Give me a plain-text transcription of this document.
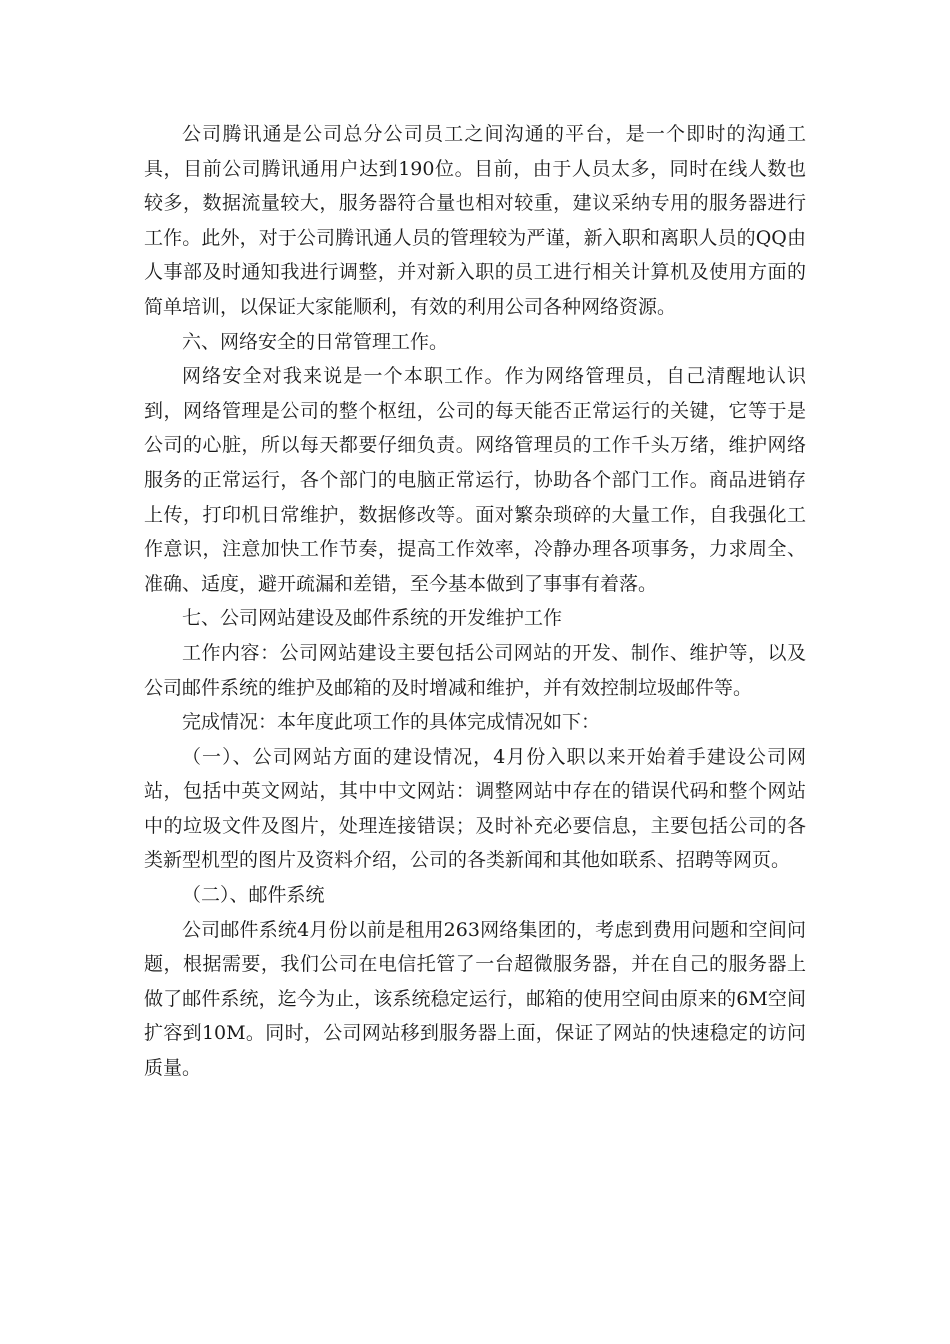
公司腾讯通是公司总分公司员工之间沟通的平台，是一个即时的沟通工具，目前公司腾讯通用户达到190位。目前，由于人员太多，同时在线人数也较多，数据流量较大，服务器符合量也相对较重，建议采纳专用的服务器进行工作。此外，对于公司腾讯通人员的管理较为严谨，新入职和离职人员的QQ由人事部及时通知我进行调整，并对新入职的员工进行相关计算机及使用方面的简单培训，以保证大家能顺利，有效的利用公司各种网络资源。

六、网络安全的日常管理工作。

网络安全对我来说是一个本职工作。作为网络管理员，自己清醒地认识到，网络管理是公司的整个枢纽，公司的每天能否正常运行的关键，它等于是公司的心脏，所以每天都要仔细负责。网络管理员的工作千头万绪，维护网络服务的正常运行，各个部门的电脑正常运行，协助各个部门工作。商品进销存上传，打印机日常维护，数据修改等。面对繁杂琐碎的大量工作，自我强化工作意识，注意加快工作节奏，提高工作效率，冷静办理各项事务，力求周全、准确、适度，避开疏漏和差错，至今基本做到了事事有着落。

七、公司网站建设及邮件系统的开发维护工作

工作内容：公司网站建设主要包括公司网站的开发、制作、维护等，以及公司邮件系统的维护及邮箱的及时增减和维护，并有效控制垃圾邮件等。

完成情况：本年度此项工作的具体完成情况如下：

（一）、公司网站方面的建设情况，4月份入职以来开始着手建设公司网站，包括中英文网站，其中中文网站：调整网站中存在的错误代码和整个网站中的垃圾文件及图片，处理连接错误；及时补充必要信息，主要包括公司的各类新型机型的图片及资料介绍，公司的各类新闻和其他如联系、招聘等网页。

（二）、邮件系统

公司邮件系统4月份以前是租用263网络集团的，考虑到费用问题和空间问题，根据需要，我们公司在电信托管了一台超微服务器，并在自己的服务器上做了邮件系统，迄今为止，该系统稳定运行，邮箱的使用空间由原来的6M空间扩容到10M。同时，公司网站移到服务器上面，保证了网站的快速稳定的访问质量。
